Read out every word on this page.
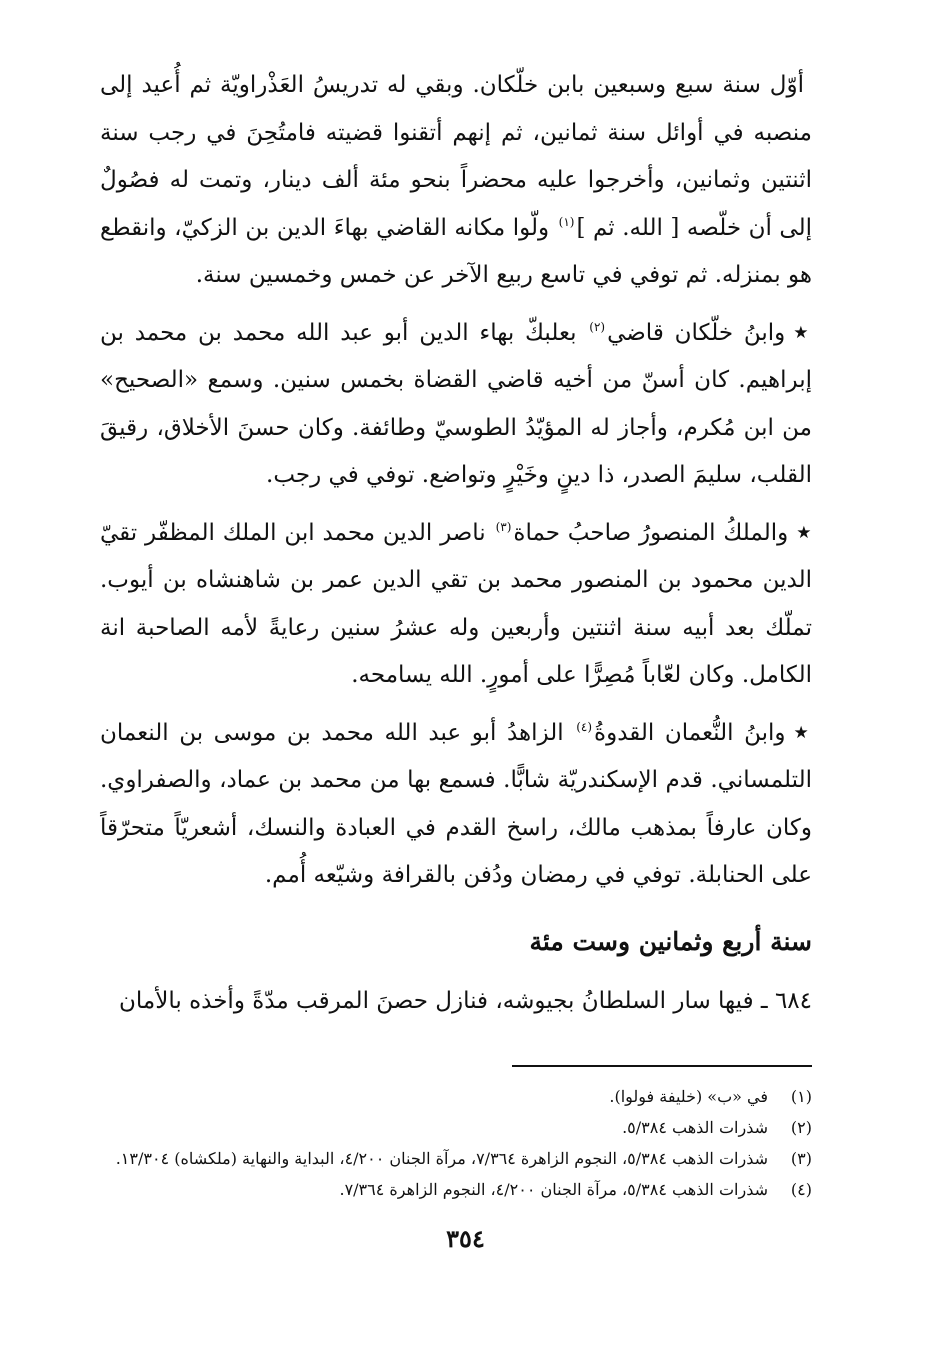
أوّل سنة سبع وسبعين بابن خلّكان. وبقي له تدريسُ العَذْراويّة ثم أُعيد إلى منصبه في أوائل سنة ثمانين، ثم إنهم أتقنوا قضيته فامتُحِنَ في رجب سنة اثنتين وثمانين، وأخرجوا عليه محضراً بنحو مئة ألف دينار، وتمت له فصُولٌ إلى أن خلّصه [ الله. ثم ]$^{(١)}$ ولّوا مكانه القاضي بهاءَ الدين بن الزكيّ، وانقطع هو بمنزله. ثم توفي في تاسع ربيع الآخر عن خمس وخمسين سنة.

★وابنُ خلّكان قاضي$^{(٢)}$ بعلبكّ بهاء الدين أبو عبد الله محمد بن محمد بن إبراهيم. كان أسنّ من أخيه قاضي القضاة بخمس سنين. وسمع «الصحيح» من ابن مُكرم، وأجاز له المؤيّدُ الطوسيّ وطائفة. وكان حسنَ الأخلاق، رقيقَ القلب، سليمَ الصدر، ذا دينٍ وخَيْرٍ وتواضع. توفي في رجب.

★والملكُ المنصورُ صاحبُ حماة$^{(٣)}$ ناصر الدين محمد ابن الملك المظفّر تقيّ الدين محمود بن المنصور محمد بن تقي الدين عمر بن شاهنشاه بن أيوب. تملّك بعد أبيه سنة اثنتين وأربعين وله عشرُ سنين رعايةً لأمه الصاحبة انة الكامل. وكان لعّاباً مُصِرًّا على أمورٍ. الله يسامحه.

★وابنُ النُّعمان القدوةُ$^{(٤)}$ الزاهدُ أبو عبد الله محمد بن موسى بن النعمان التلمساني. قدم الإسكندريّة شابًّا. فسمع بها من محمد بن عماد، والصفراوي. وكان عارفاً بمذهب مالك، راسخ القدم في العبادة والنسك، أشعريّاً متحرّقاً على الحنابلة. توفي في رمضان ودُفن بالقرافة وشيّعه أُمم.

سنة أربع وثمانين وست مئة

٦٨٤ ـ فيها سار السلطانُ بجيوشه، فنازل حصنَ المرقب مدّةً وأخذه بالأمان

(١)
في «ب» (خليفة فولوا).

(٢)
شذرات الذهب ٥/٣٨٤.

(٣)
شذرات الذهب ٥/٣٨٤، النجوم الزاهرة ٧/٣٦٤، مرآة الجنان ٤/٢٠٠، البداية والنهاية (ملكشاه) ١٣/٣٠٤.

(٤)
شذرات الذهب ٥/٣٨٤، مرآة الجنان ٤/٢٠٠، النجوم الزاهرة ٧/٣٦٤.

٣٥٤
